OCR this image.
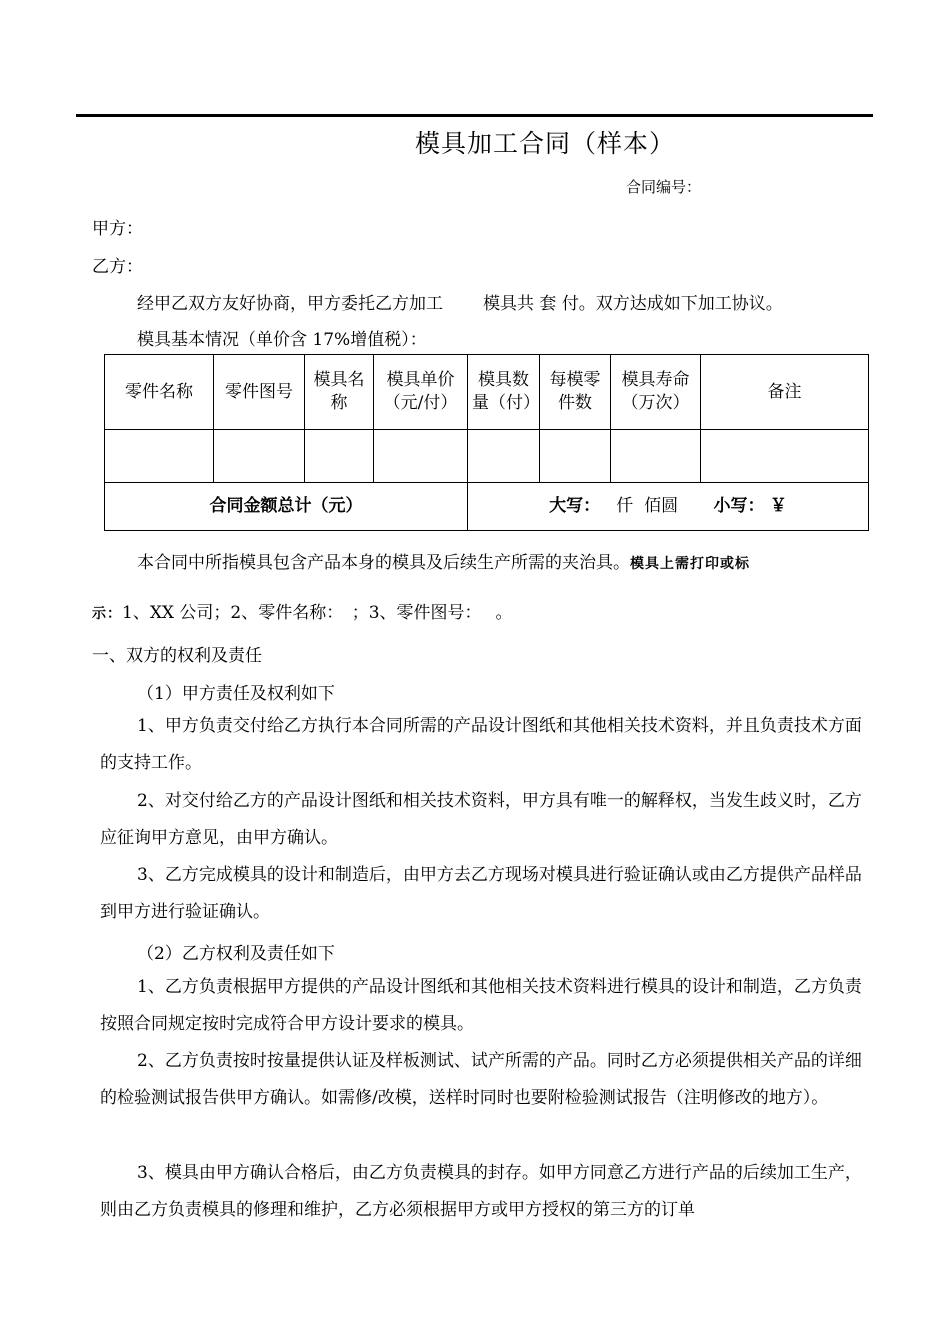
模具加工合同（样本）
合同编号：
甲方：
乙方：
经甲乙双方友好协商，甲方委托乙方加工 模具共 套 付。双方达成如下加工协议。
模具基本情况（单价含 17%增值税）：
零件名称	零件图号	模具名称	模具单价（元/付）	模具数量（付）	每模零件数	模具寿命（万次）	备注

合同金额总计（元）				大写： 仟 佰圆 小写： ￥			
本合同中所指模具包含产品本身的模具及后续生产所需的夹治具。模具上需打印或标
示：1、XX 公司；2、零件名称：　；3、零件图号：　 。
一、双方的权利及责任
（1）甲方责任及权利如下
1、甲方负责交付给乙方执行本合同所需的产品设计图纸和其他相关技术资料，并且负责技术方面的支持工作。
2、对交付给乙方的产品设计图纸和相关技术资料，甲方具有唯一的解释权，当发生歧义时，乙方应征询甲方意见，由甲方确认。
3、乙方完成模具的设计和制造后，由甲方去乙方现场对模具进行验证确认或由乙方提供产品样品到甲方进行验证确认。
（2）乙方权利及责任如下
1、乙方负责根据甲方提供的产品设计图纸和其他相关技术资料进行模具的设计和制造，乙方负责按照合同规定按时完成符合甲方设计要求的模具。
2、乙方负责按时按量提供认证及样板测试、试产所需的产品。同时乙方必须提供相关产品的详细的检验测试报告供甲方确认。如需修/改模，送样时同时也要附检验测试报告（注明修改的地方）。
3、模具由甲方确认合格后，由乙方负责模具的封存。如甲方同意乙方进行产品的后续加工生产，则由乙方负责模具的修理和维护，乙方必须根据甲方或甲方授权的第三方的订单
